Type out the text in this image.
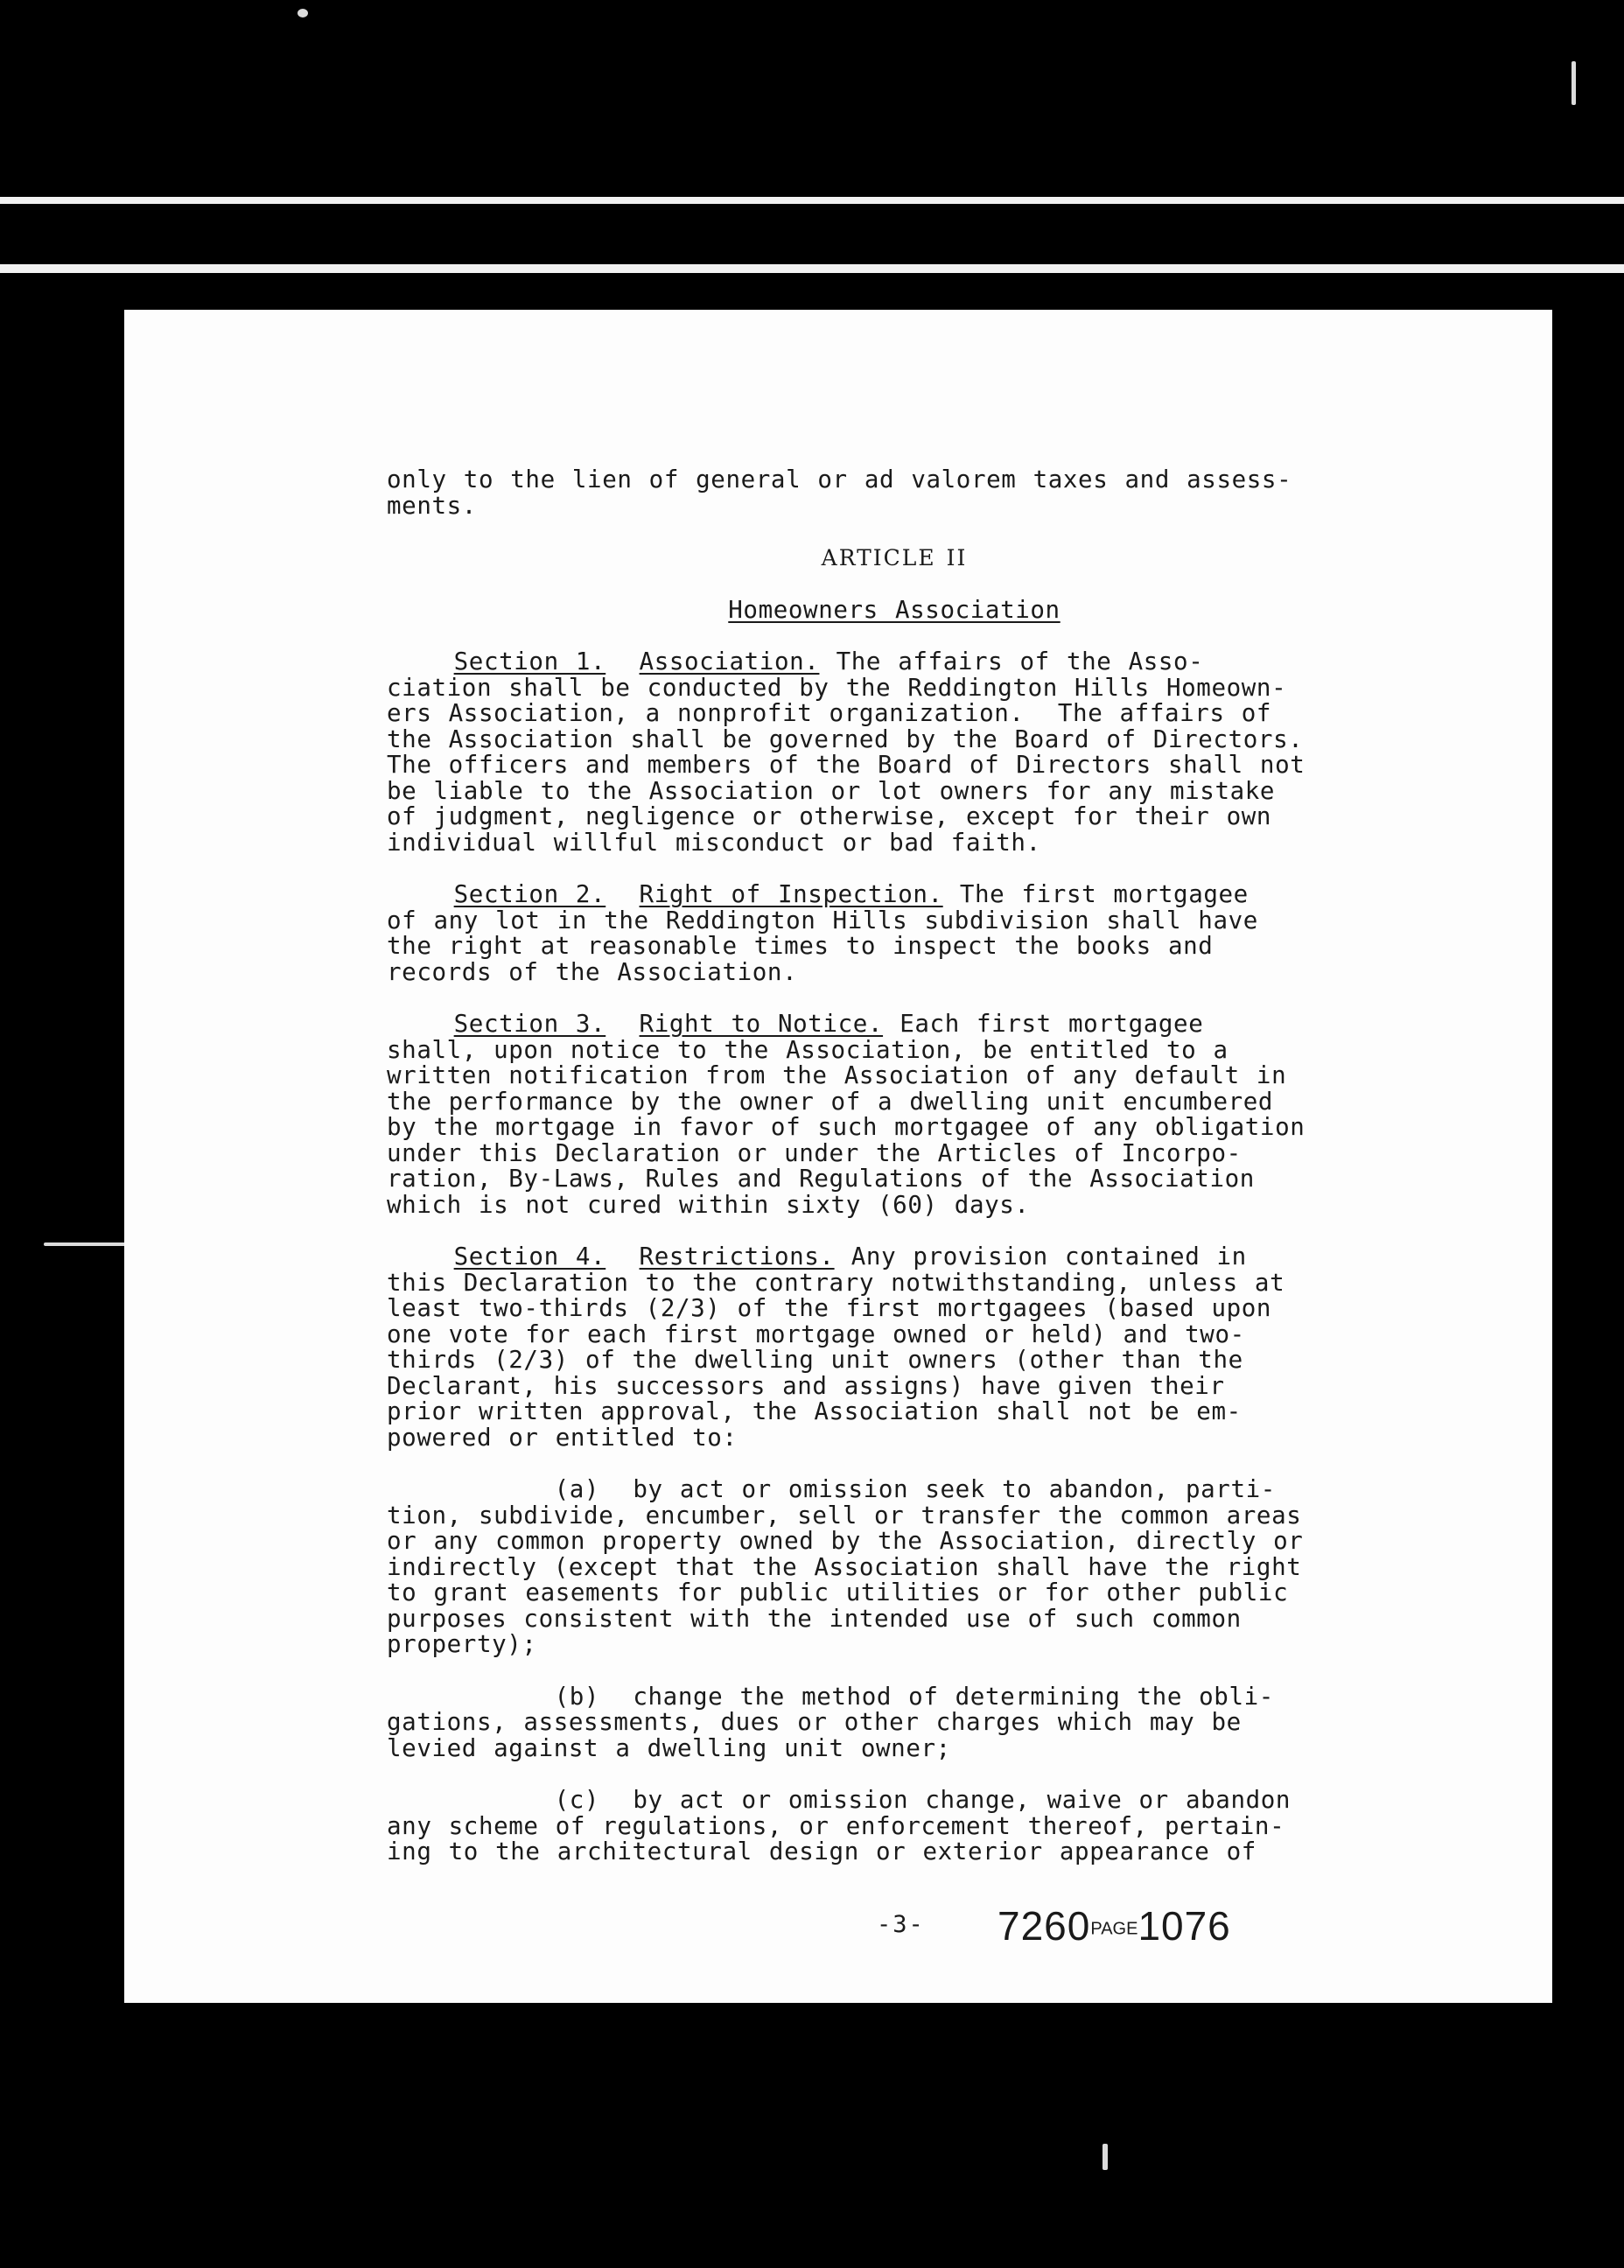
only to the lien of general or ad valorem taxes and assess-
ments.

ARTICLE II

Homeowners Association

Section 1. Association. The affairs of the Asso-

ciation shall be conducted by the Reddington Hills Homeown-
ers Association, a nonprofit organization.  The affairs of
the Association shall be governed by the Board of Directors.
The officers and members of the Board of Directors shall not
be liable to the Association or lot owners for any mistake
of judgment, negligence or otherwise, except for their own
individual willful misconduct or bad faith.

Section 2. Right of Inspection. The first mortgagee

of any lot in the Reddington Hills subdivision shall have
the right at reasonable times to inspect the books and
records of the Association.

Section 3. Right to Notice. Each first mortgagee

shall, upon notice to the Association, be entitled to a
written notification from the Association of any default in
the performance by the owner of a dwelling unit encumbered
by the mortgage in favor of such mortgagee of any obligation
under this Declaration or under the Articles of Incorpo-
ration, By-Laws, Rules and Regulations of the Association
which is not cured within sixty (60) days.

Section 4. Restrictions. Any provision contained in

this Declaration to the contrary notwithstanding, unless at
least two-thirds (2/3) of the first mortgagees (based upon
one vote for each first mortgage owned or held) and two-
thirds (2/3) of the dwelling unit owners (other than the
Declarant, his successors and assigns) have given their
prior written approval, the Association shall not be em-
powered or entitled to:

(a)  by act or omission seek to abandon, parti-

tion, subdivide, encumber, sell or transfer the common areas
or any common property owned by the Association, directly or
indirectly (except that the Association shall have the right
to grant easements for public utilities or for other public
purposes consistent with the intended use of such common
property);

(b)  change the method of determining the obli-

gations, assessments, dues or other charges which may be
levied against a dwelling unit owner;

(c)  by act or omission change, waive or abandon

any scheme of regulations, or enforcement thereof, pertain-
ing to the architectural design or exterior appearance of

-3- 7260PAGE1076
